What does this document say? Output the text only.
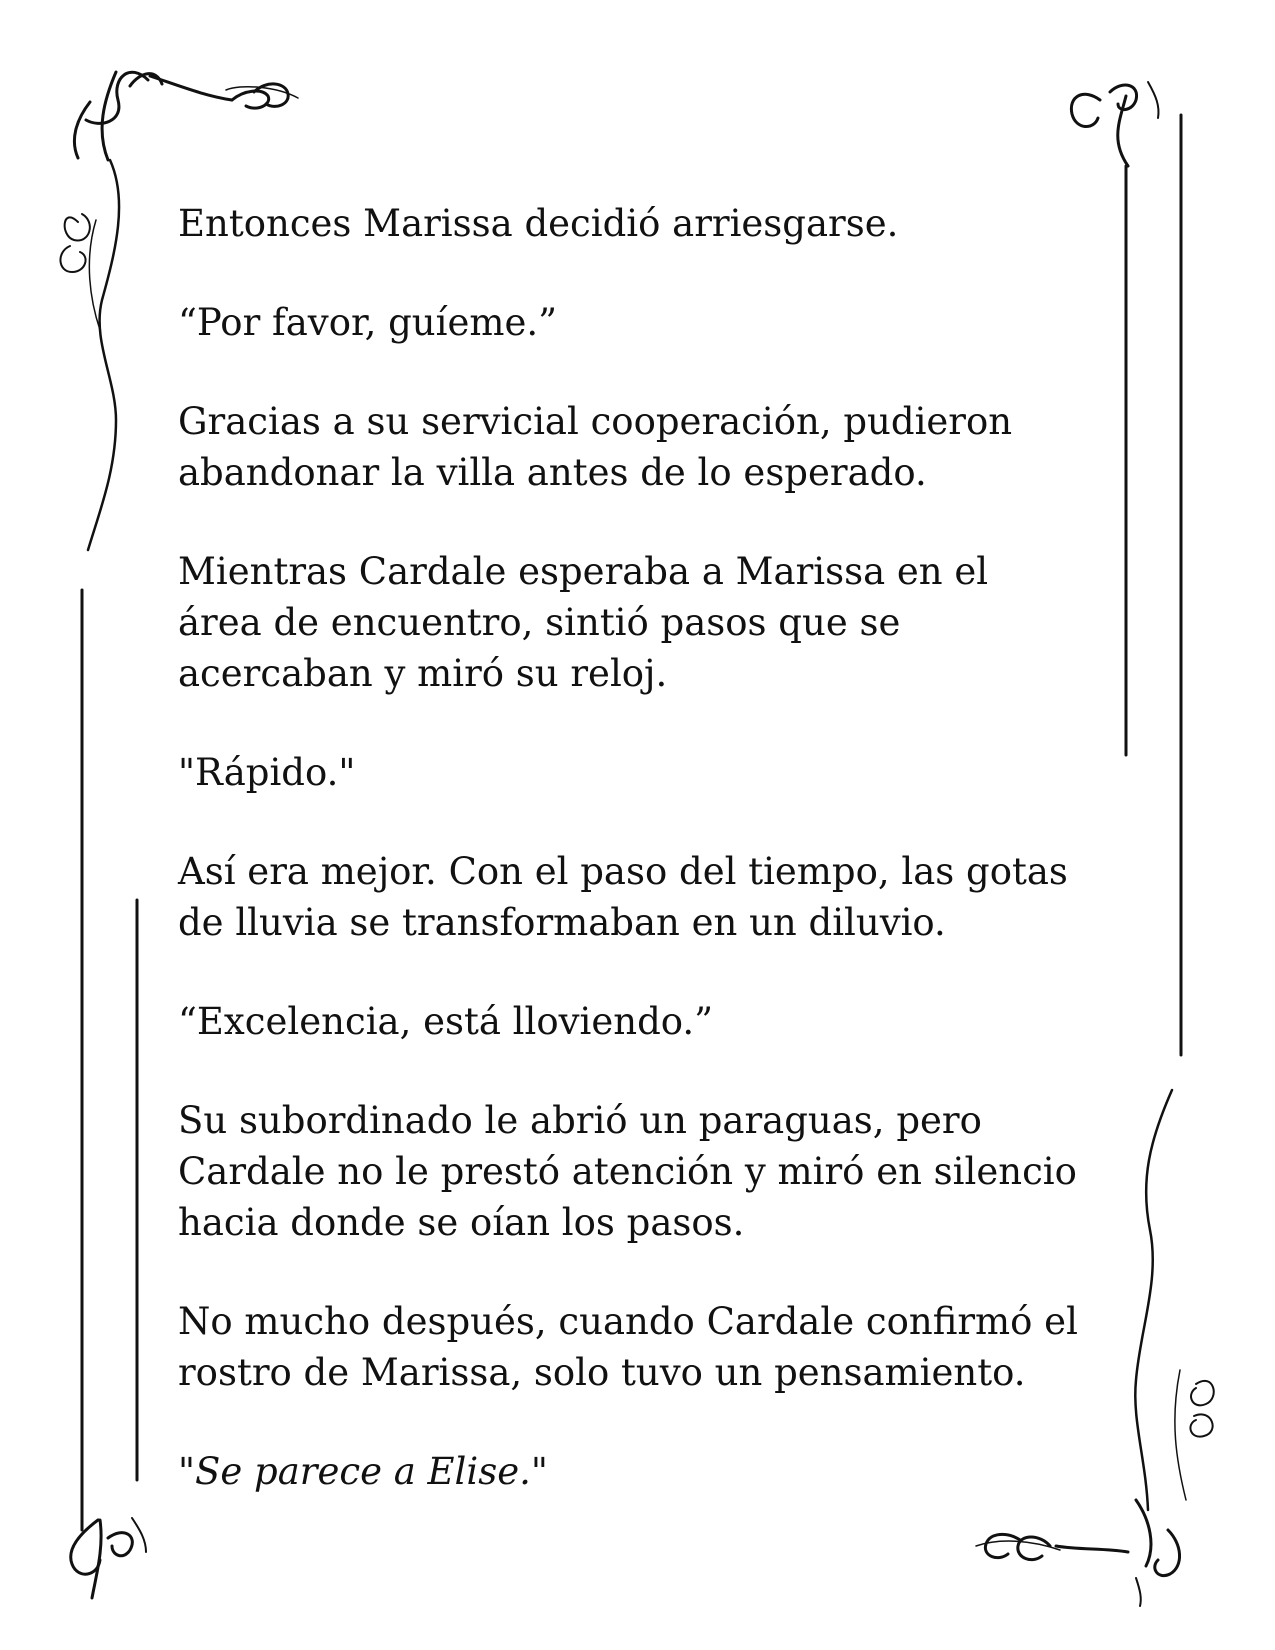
Entonces Marissa decidió arriesgarse.

“Por favor, guíeme.”

Gracias a su servicial cooperación, pudieron
abandonar la villa antes de lo esperado.

Mientras Cardale esperaba a Marissa en el
área de encuentro, sintió pasos que se
acercaban y miró su reloj.

"Rápido."

Así era mejor. Con el paso del tiempo, las gotas
de lluvia se transformaban en un diluvio.

“Excelencia, está lloviendo.”

Su subordinado le abrió un paraguas, pero
Cardale no le prestó atención y miró en silencio
hacia donde se oían los pasos.

No mucho después, cuando Cardale confirmó el
rostro de Marissa, solo tuvo un pensamiento.

"Se parece a Elise."
